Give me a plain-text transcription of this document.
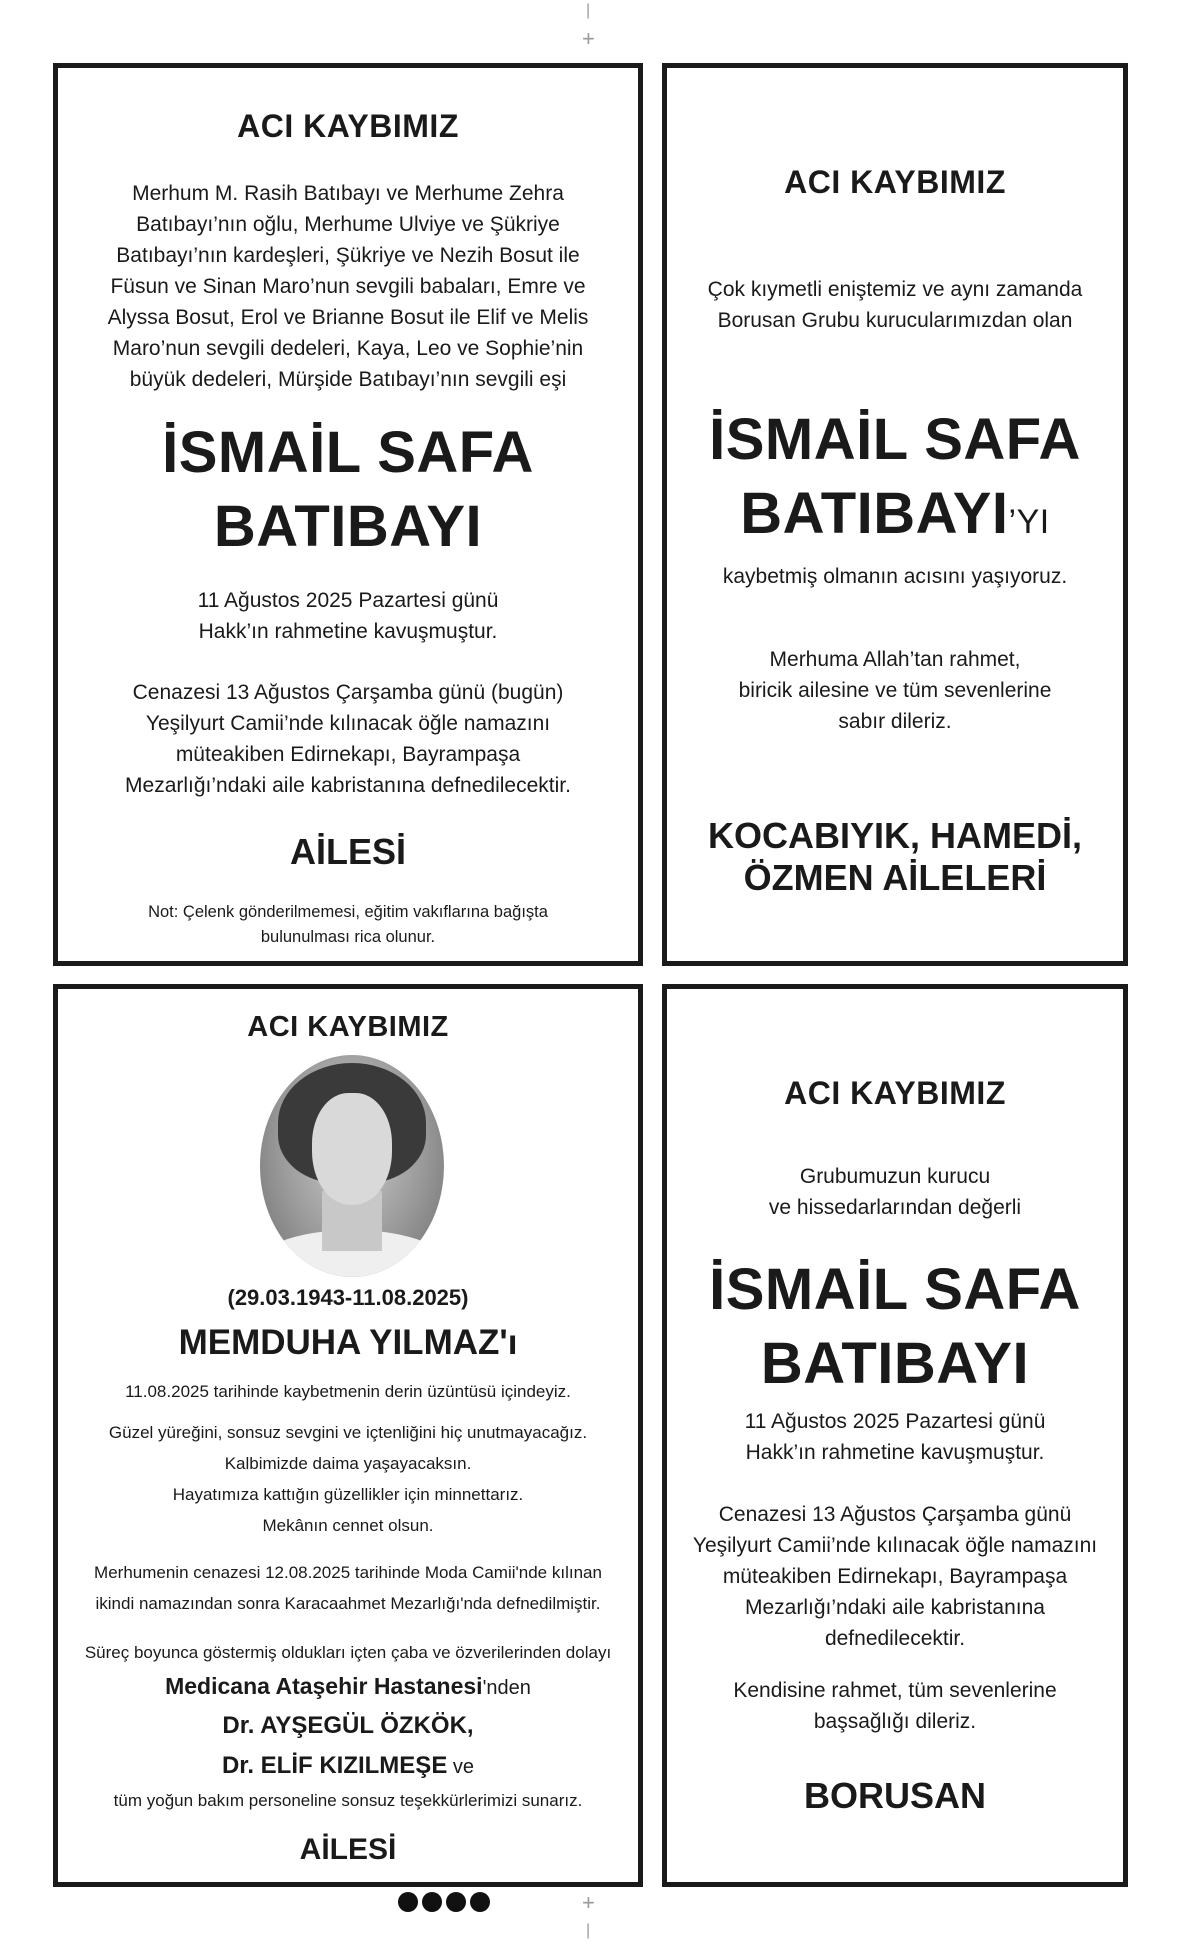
|
+
ACI KAYBIMIZ
Merhum M. Rasih Batıbayı ve Merhume Zehra
Batıbayı’nın oğlu, Merhume Ulviye ve Şükriye
Batıbayı’nın kardeşleri, Şükriye ve Nezih Bosut ile
Füsun ve Sinan Maro’nun sevgili babaları, Emre ve
Alyssa Bosut, Erol ve Brianne Bosut ile Elif ve Melis
Maro’nun sevgili dedeleri, Kaya, Leo ve Sophie’nin
büyük dedeleri, Mürşide Batıbayı’nın sevgili eşi
İSMAİL SAFA
BATIBAYI
11 Ağustos 2025 Pazartesi günü
Hakk’ın rahmetine kavuşmuştur.
Cenazesi 13 Ağustos Çarşamba günü (bugün)
Yeşilyurt Camii’nde kılınacak öğle namazını
müteakiben Edirnekapı, Bayrampaşa
Mezarlığı’ndaki aile kabristanına defnedilecektir.
AİLESİ
Not: Çelenk gönderilmemesi, eğitim vakıflarına bağışta
bulunulması rica olunur.
ACI KAYBIMIZ
Çok kıymetli eniştemiz ve aynı zamanda
Borusan Grubu kurucularımızdan olan
İSMAİL SAFA
BATIBAYI’YI
kaybetmiş olmanın acısını yaşıyoruz.
Merhuma Allah’tan rahmet,
biricik ailesine ve tüm sevenlerine
sabır dileriz.
KOCABIYIK, HAMEDİ,
ÖZMEN AİLELERİ
ACI KAYBIMIZ
(29.03.1943-11.08.2025)
MEMDUHA YILMAZ'ı
11.08.2025 tarihinde kaybetmenin derin üzüntüsü içindeyiz.
Güzel yüreğini, sonsuz sevgini ve içtenliğini hiç unutmayacağız.
Kalbimizde daima yaşayacaksın.
Hayatımıza kattığın güzellikler için minnettarız.
Mekânın cennet olsun.
Merhumenin cenazesi 12.08.2025 tarihinde Moda Camii'nde kılınan
ikindi namazından sonra Karacaahmet Mezarlığı'nda defnedilmiştir.
Süreç boyunca göstermiş oldukları içten çaba ve özverilerinden dolayı
Medicana Ataşehir Hastanesi'nden
Dr. AYŞEGÜL ÖZKÖK,
Dr. ELİF KIZILMEŞE ve
tüm yoğun bakım personeline sonsuz teşekkürlerimizi sunarız.
AİLESİ
ACI KAYBIMIZ
Grubumuzun kurucu
ve hissedarlarından değerli
İSMAİL SAFA
BATIBAYI
11 Ağustos 2025 Pazartesi günü
Hakk’ın rahmetine kavuşmuştur.
Cenazesi 13 Ağustos Çarşamba günü
Yeşilyurt Camii’nde kılınacak öğle namazını
müteakiben Edirnekapı, Bayrampaşa
Mezarlığı’ndaki aile kabristanına
defnedilecektir.
Kendisine rahmet, tüm sevenlerine
başsağlığı dileriz.
BORUSAN
+
|
